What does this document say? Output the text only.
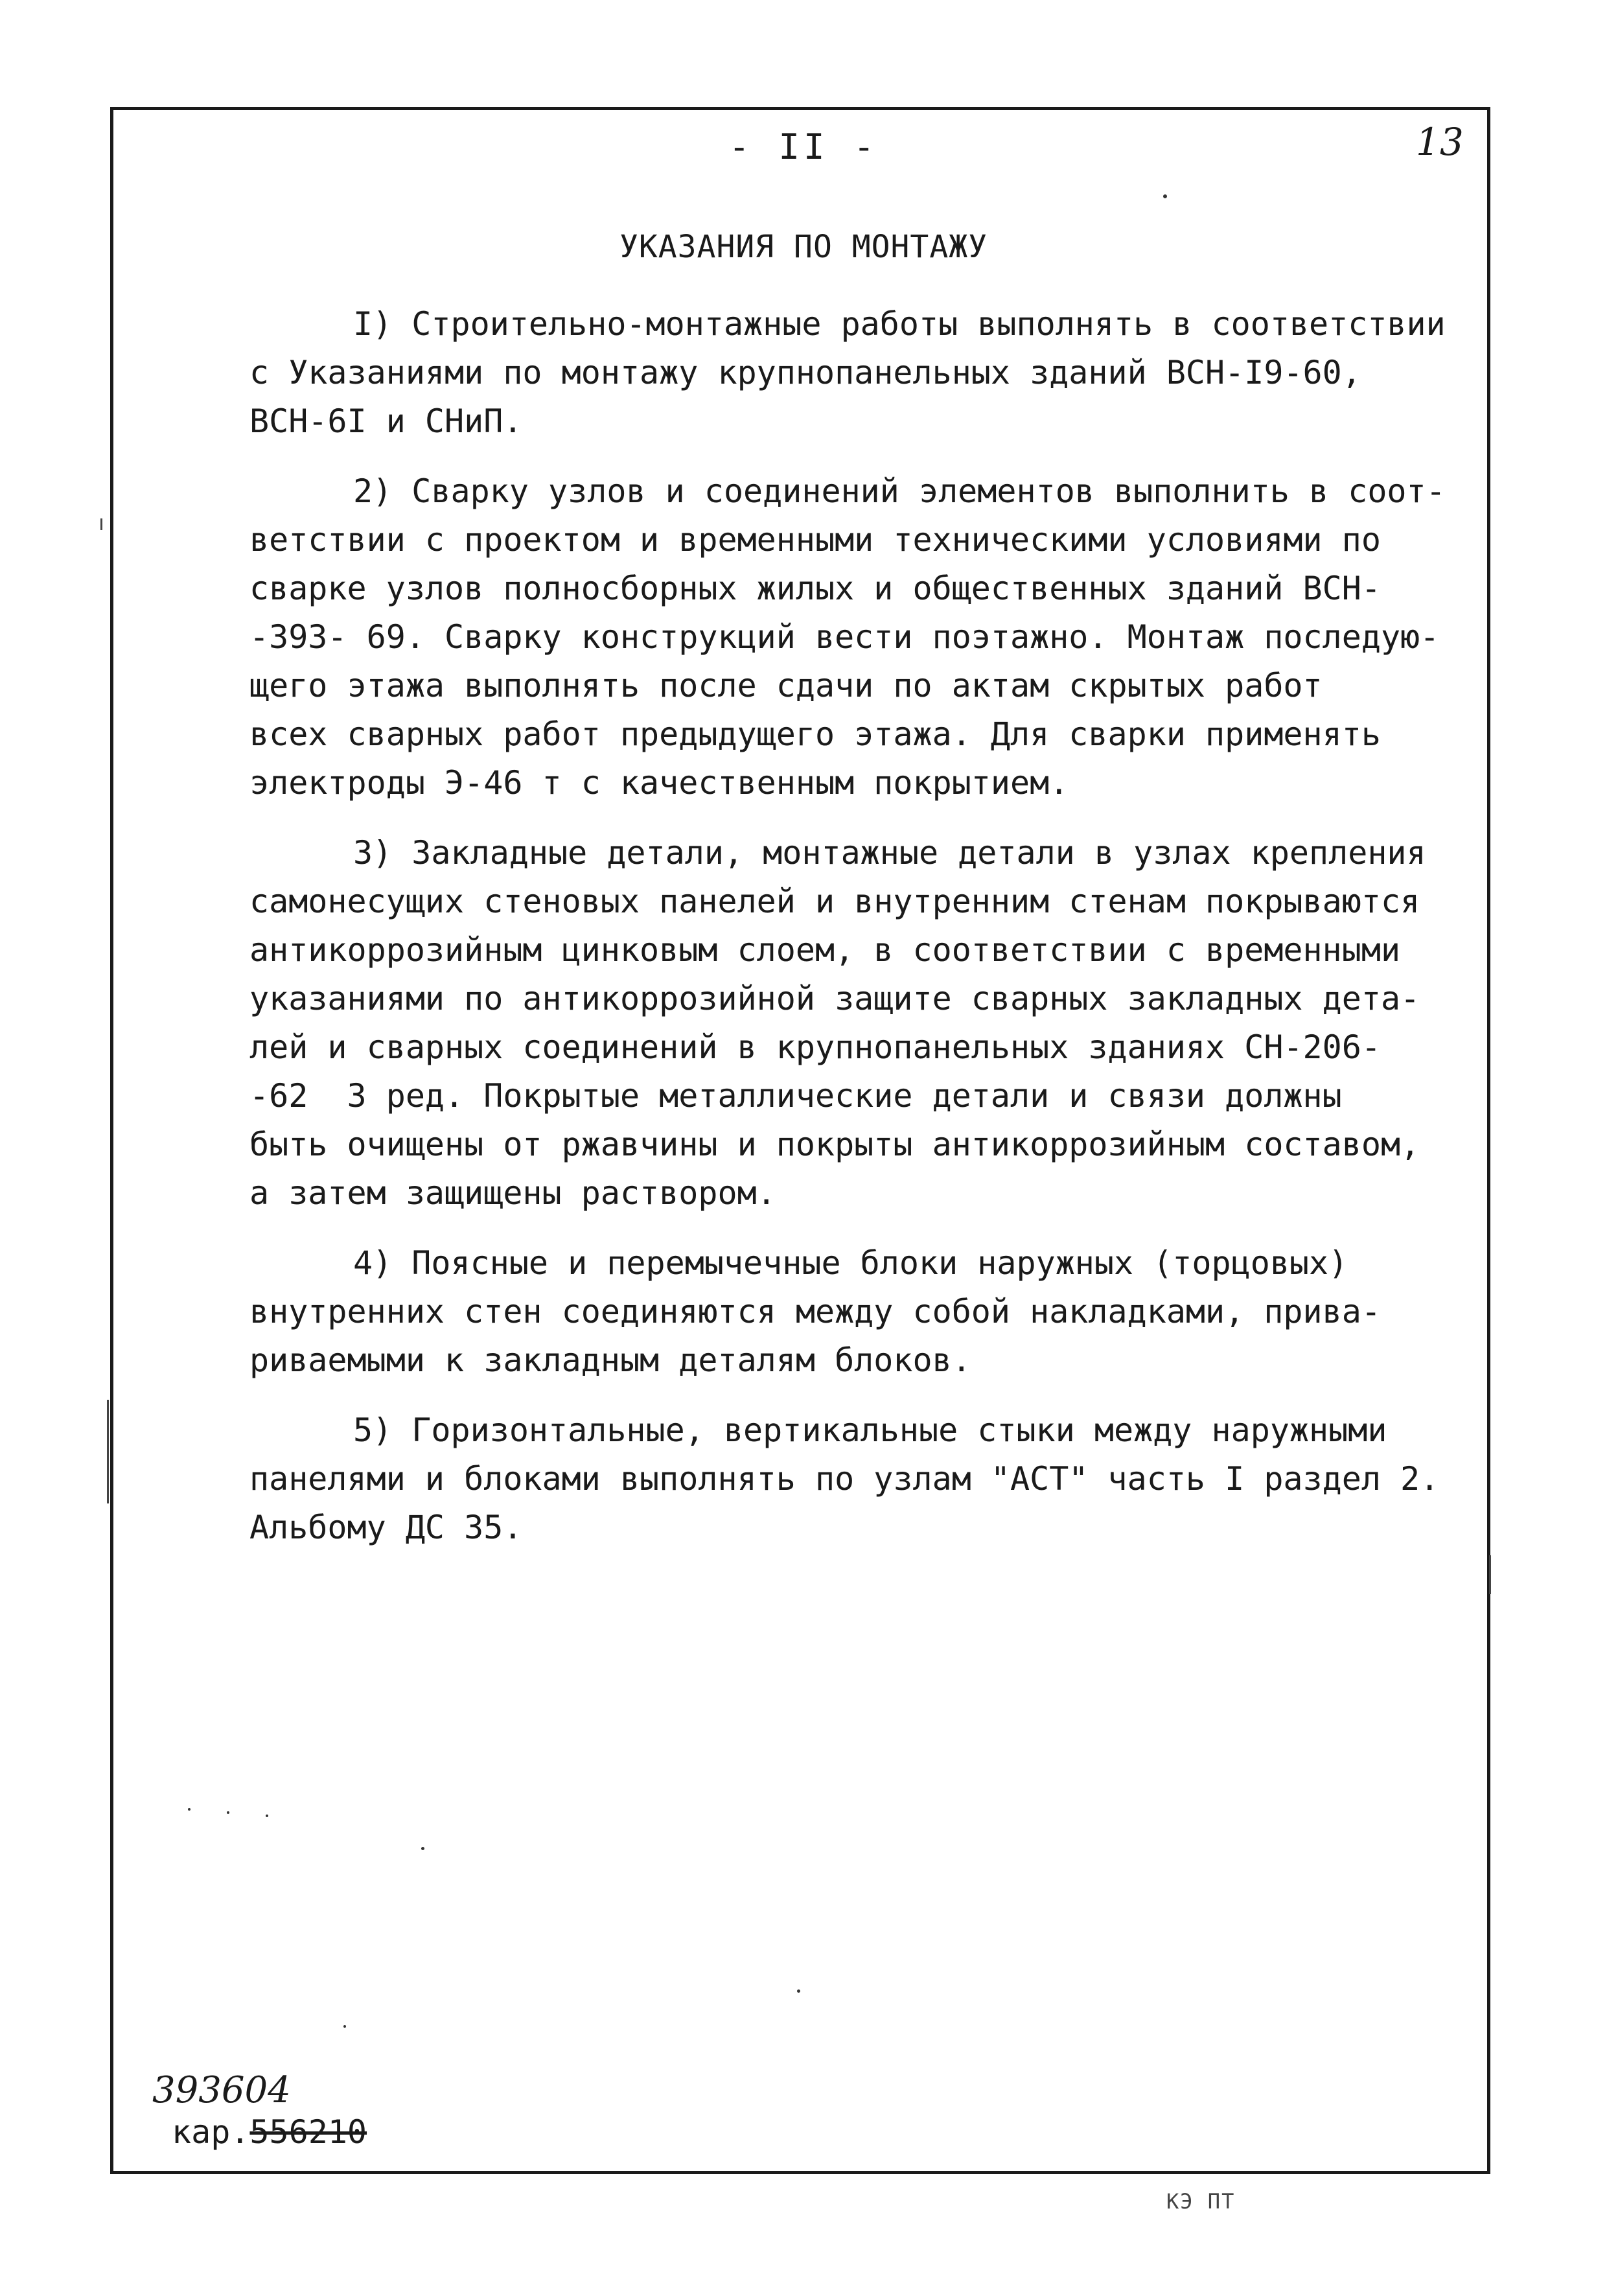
- II -	13
УКАЗАНИЯ ПО МОНТАЖУ
I) Строительно-монтажные работы выполнять в соответствии
с Указаниями по монтажу крупнопанельных зданий ВСН-I9-60,
ВСН-6I и СНиП.
2) Сварку узлов и соединений элементов выполнить в соот-
ветствии с проектом и временными техническими условиями по
сварке узлов полносборных жилых и общественных зданий ВСН-
-393- 69. Сварку конструкций вести поэтажно. Монтаж последую-
щего этажа выполнять после сдачи по актам скрытых работ
всех сварных работ предыдущего этажа. Для сварки применять
электроды Э-46 т с качественным покрытием.
3) Закладные детали, монтажные детали в узлах крепления
самонесущих стеновых панелей и внутренним стенам покрываются
антикоррозийным цинковым слоем, в соответствии с временными
указаниями по антикоррозийной защите сварных закладных дета-
лей и сварных соединений в крупнопанельных зданиях СН-206-
-62  3 ред. Покрытые металлические детали и связи должны
быть очищены от ржавчины и покрыты антикоррозийным составом,
а затем защищены раствором.
4) Поясные и перемычечные блоки наружных (торцовых)
внутренних стен соединяются между собой накладками, прива-
риваемыми к закладным деталям блоков.
5) Горизонтальные, вертикальные стыки между наружными
панелями и блоками выполнять по узлам "АСТ" часть I раздел 2.
Альбому ДС 35.
393604
кар.556210
КЭ ПТ
